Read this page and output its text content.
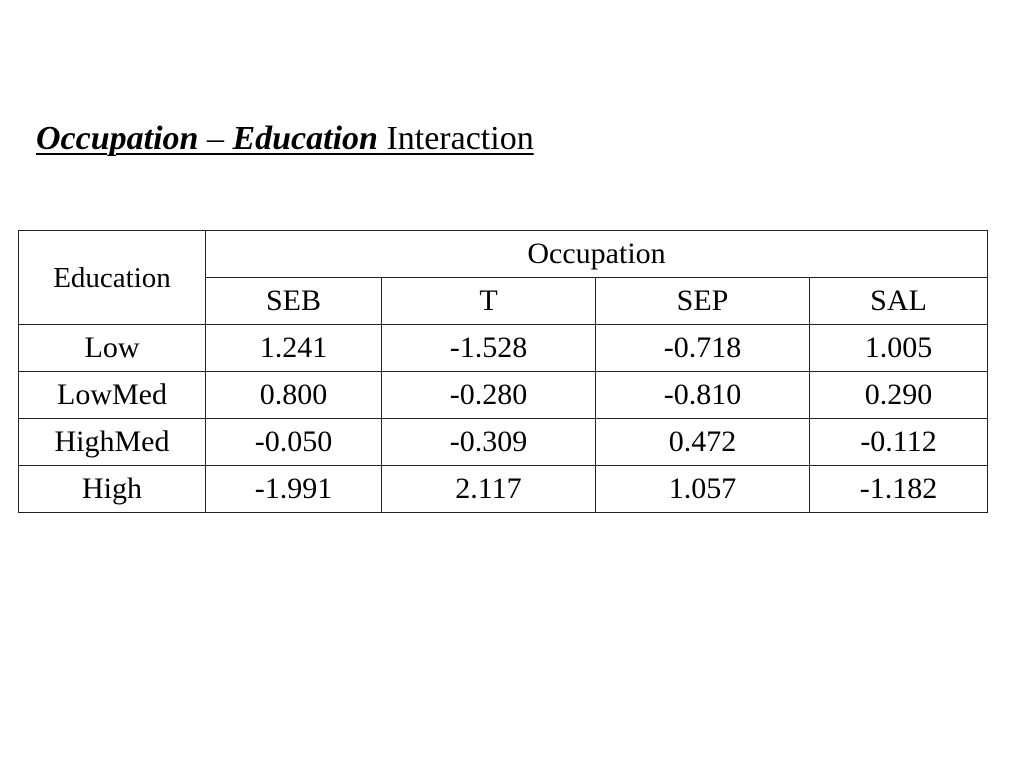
Occupation – Education Interaction
Education	Occupation			
	SEB	T	SEP	SAL
Low	1.241	-1.528	-0.718	1.005
LowMed	0.800	-0.280	-0.810	0.290
HighMed	-0.050	-0.309	0.472	-0.112
High	-1.991	2.117	1.057	-1.182
